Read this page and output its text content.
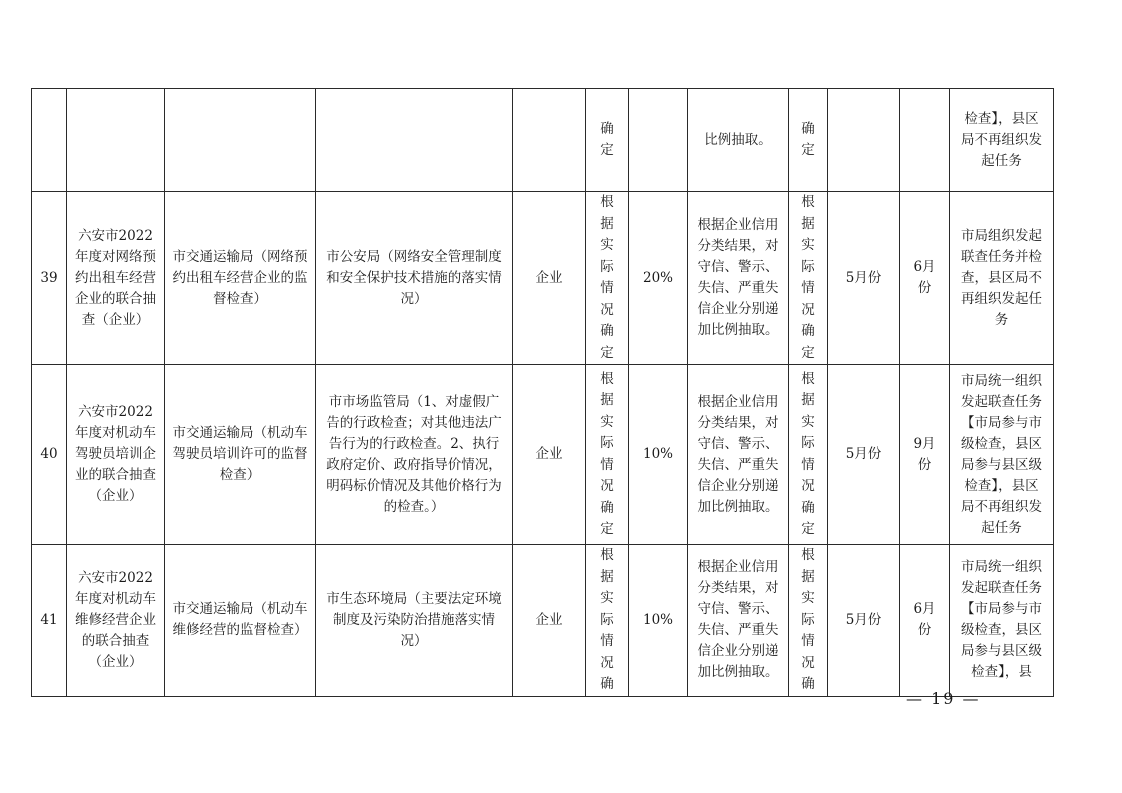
					确定		比例抽取。	确定			检查】，县区局不再组织发起任务

39	六安市2022年度对网络预约出租车经营企业的联合抽查（企业）	市交通运输局（网络预约出租车经营企业的监督检查）	市公安局（网络安全管理制度和安全保护技术措施的落实情况）	企业	根据实际情况确定	20%	根据企业信用分类结果，对守信、警示、失信、严重失信企业分别递加比例抽取。	根据实际情况确定	5月份	6月份	市局组织发起联查任务并检查，县区局不再组织发起任务

40	六安市2022年度对机动车驾驶员培训企业的联合抽查（企业）	市交通运输局（机动车驾驶员培训许可的监督检查）	市市场监管局（1、对虚假广告的行政检查；对其他违法广告行为的行政检查。2、执行政府定价、政府指导价情况，明码标价情况及其他价格行为的检查。）	企业	根据实际情况确定	10%	根据企业信用分类结果，对守信、警示、失信、严重失信企业分别递加比例抽取。	根据实际情况确定	5月份	9月份	市局统一组织发起联查任务【市局参与市级检查，县区局参与县区级检查】，县区局不再组织发起任务

41	六安市2022年度对机动车维修经营企业的联合抽查（企业）	市交通运输局（机动车维修经营的监督检查）	市生态环境局（主要法定环境制度及污染防治措施落实情况）	企业	根据实际情况确	10%	根据企业信用分类结果，对守信、警示、失信、严重失信企业分别递加比例抽取。	根据实际情况确	5月份	6月份	市局统一组织发起联查任务【市局参与市级检查，县区局参与县区级检查】，县
— 19 —
